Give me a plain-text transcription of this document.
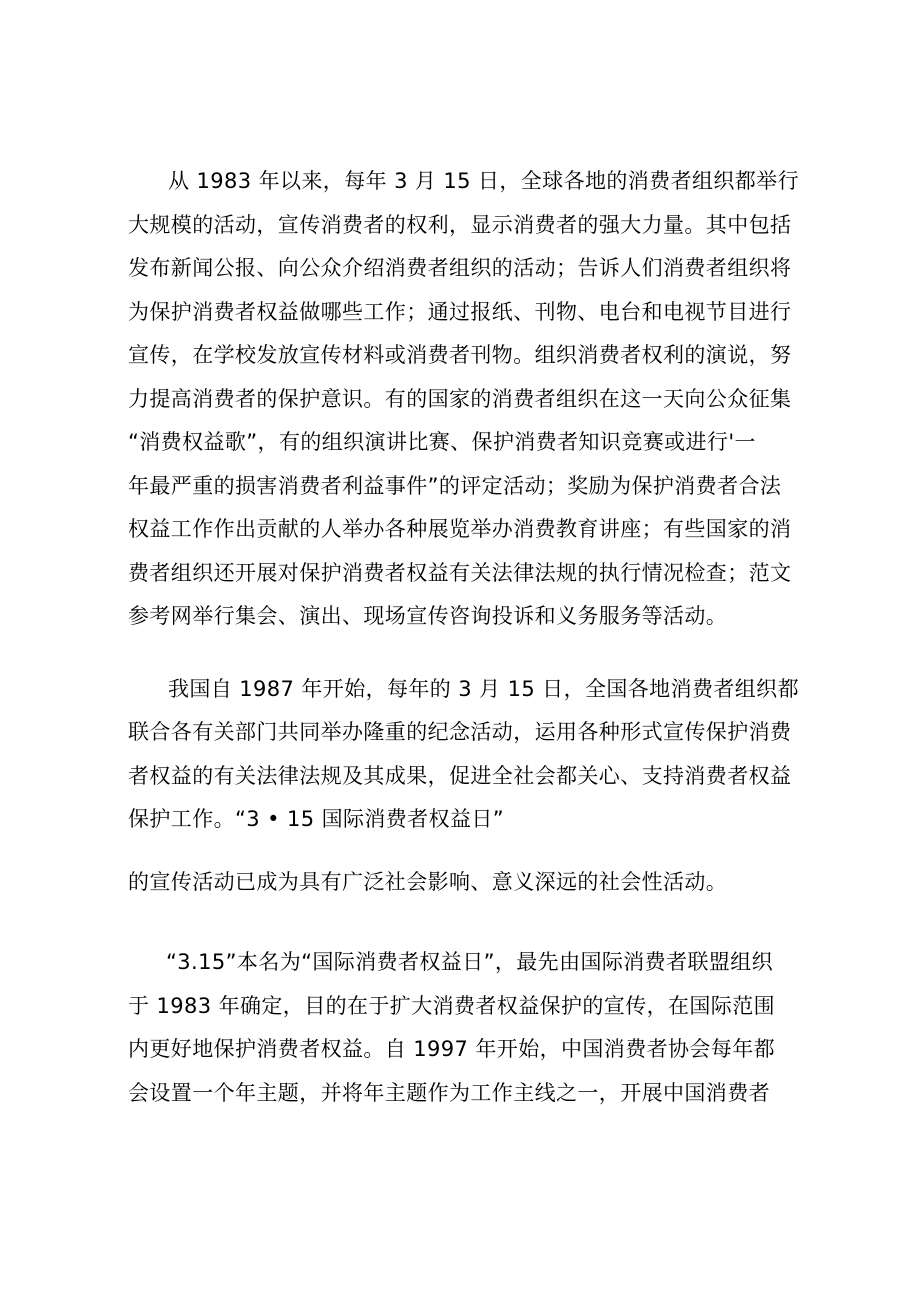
从 1983 年以来，每年 3 月 15 日，全球各地的消费者组织都举行
大规模的活动，宣传消费者的权利，显示消费者的强大力量。其中包括
发布新闻公报、向公众介绍消费者组织的活动；告诉人们消费者组织将
为保护消费者权益做哪些工作；通过报纸、刊物、电台和电视节目进行
宣传，在学校发放宣传材料或消费者刊物。组织消费者权利的演说，努
力提高消费者的保护意识。有的国家的消费者组织在这一天向公众征集
“消费权益歌”，有的组织演讲比赛、保护消费者知识竞赛或进行'一
年最严重的损害消费者利益事件”的评定活动；奖励为保护消费者合法
权益工作作出贡献的人举办各种展览举办消费教育讲座；有些国家的消
费者组织还开展对保护消费者权益有关法律法规的执行情况检查；范文
参考网举行集会、演出、现场宣传咨询投诉和义务服务等活动。
我国自 1987 年开始，每年的 3 月 15 日，全国各地消费者组织都
联合各有关部门共同举办隆重的纪念活动，运用各种形式宣传保护消费
者权益的有关法律法规及其成果，促进全社会都关心、支持消费者权益
保护工作。“3 • 15 国际消费者权益日”
的宣传活动已成为具有广泛社会影响、意义深远的社会性活动。
“3.15”本名为“国际消费者权益日”，最先由国际消费者联盟组织
于 1983 年确定，目的在于扩大消费者权益保护的宣传，在国际范围
内更好地保护消费者权益。自 1997 年开始，中国消费者协会每年都
会设置一个年主题，并将年主题作为工作主线之一，开展中国消费者
